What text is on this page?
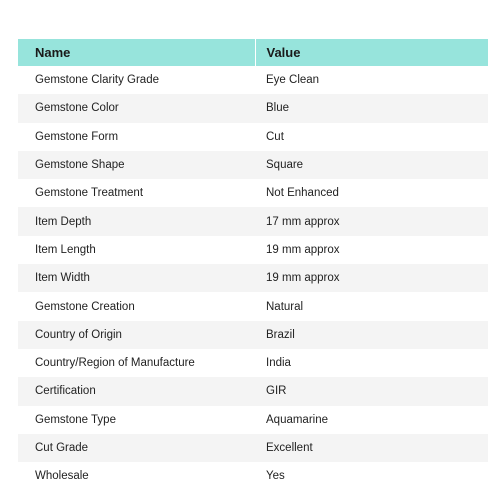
Name	Value
Gemstone Clarity Grade	Eye Clean
Gemstone Color	Blue
Gemstone Form	Cut
Gemstone Shape	Square
Gemstone Treatment	Not Enhanced
Item Depth	17 mm approx
Item Length	19 mm approx
Item Width	19 mm approx
Gemstone Creation	Natural
Country of Origin	Brazil
Country/Region of Manufacture	India
Certification	GIR
Gemstone Type	Aquamarine
Cut Grade	Excellent
Wholesale	Yes
